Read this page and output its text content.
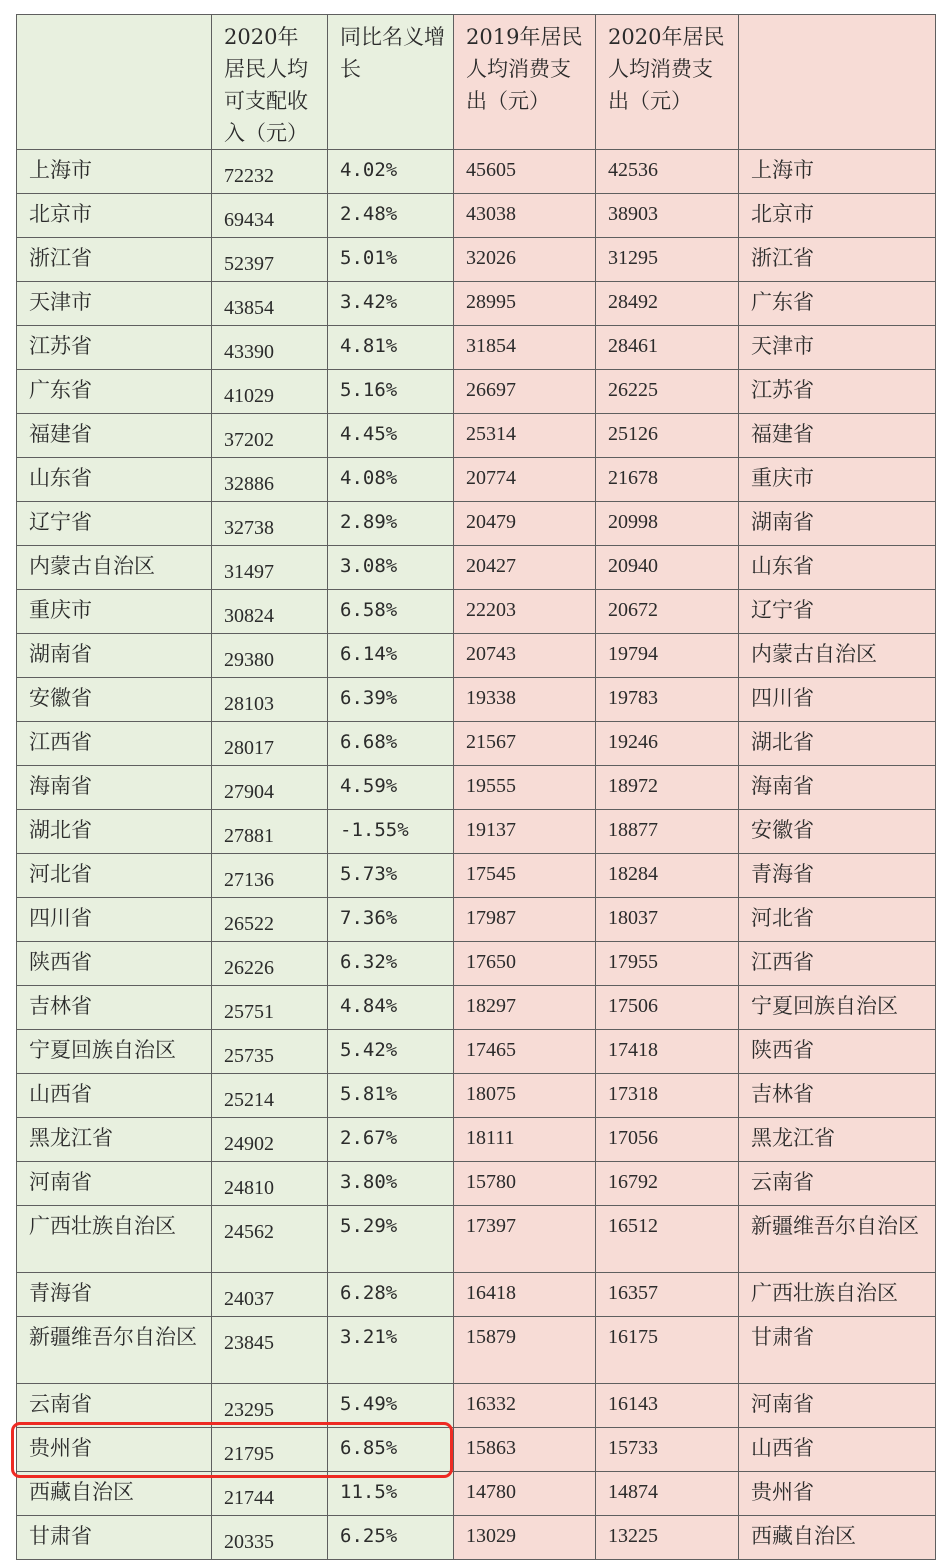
	2020年居民人均可支配收入（元）	同比名义增长	2019年居民人均消费支出（元）	2020年居民人均消费支出（元）	
上海市	72232	4.02%	45605	42536	上海市
北京市	69434	2.48%	43038	38903	北京市
浙江省	52397	5.01%	32026	31295	浙江省
天津市	43854	3.42%	28995	28492	广东省
江苏省	43390	4.81%	31854	28461	天津市
广东省	41029	5.16%	26697	26225	江苏省
福建省	37202	4.45%	25314	25126	福建省
山东省	32886	4.08%	20774	21678	重庆市
辽宁省	32738	2.89%	20479	20998	湖南省
内蒙古自治区	31497	3.08%	20427	20940	山东省
重庆市	30824	6.58%	22203	20672	辽宁省
湖南省	29380	6.14%	20743	19794	内蒙古自治区
安徽省	28103	6.39%	19338	19783	四川省
江西省	28017	6.68%	21567	19246	湖北省
海南省	27904	4.59%	19555	18972	海南省
湖北省	27881	-1.55%	19137	18877	安徽省
河北省	27136	5.73%	17545	18284	青海省
四川省	26522	7.36%	17987	18037	河北省
陕西省	26226	6.32%	17650	17955	江西省
吉林省	25751	4.84%	18297	17506	宁夏回族自治区
宁夏回族自治区	25735	5.42%	17465	17418	陕西省
山西省	25214	5.81%	18075	17318	吉林省
黑龙江省	24902	2.67%	18111	17056	黑龙江省
河南省	24810	3.80%	15780	16792	云南省
广西壮族自治区	24562	5.29%	17397	16512	新疆维吾尔自治区
青海省	24037	6.28%	16418	16357	广西壮族自治区
新疆维吾尔自治区	23845	3.21%	15879	16175	甘肃省
云南省	23295	5.49%	16332	16143	河南省
贵州省	21795	6.85%	15863	15733	山西省
西藏自治区	21744	11.5%	14780	14874	贵州省
甘肃省	20335	6.25%	13029	13225	西藏自治区
